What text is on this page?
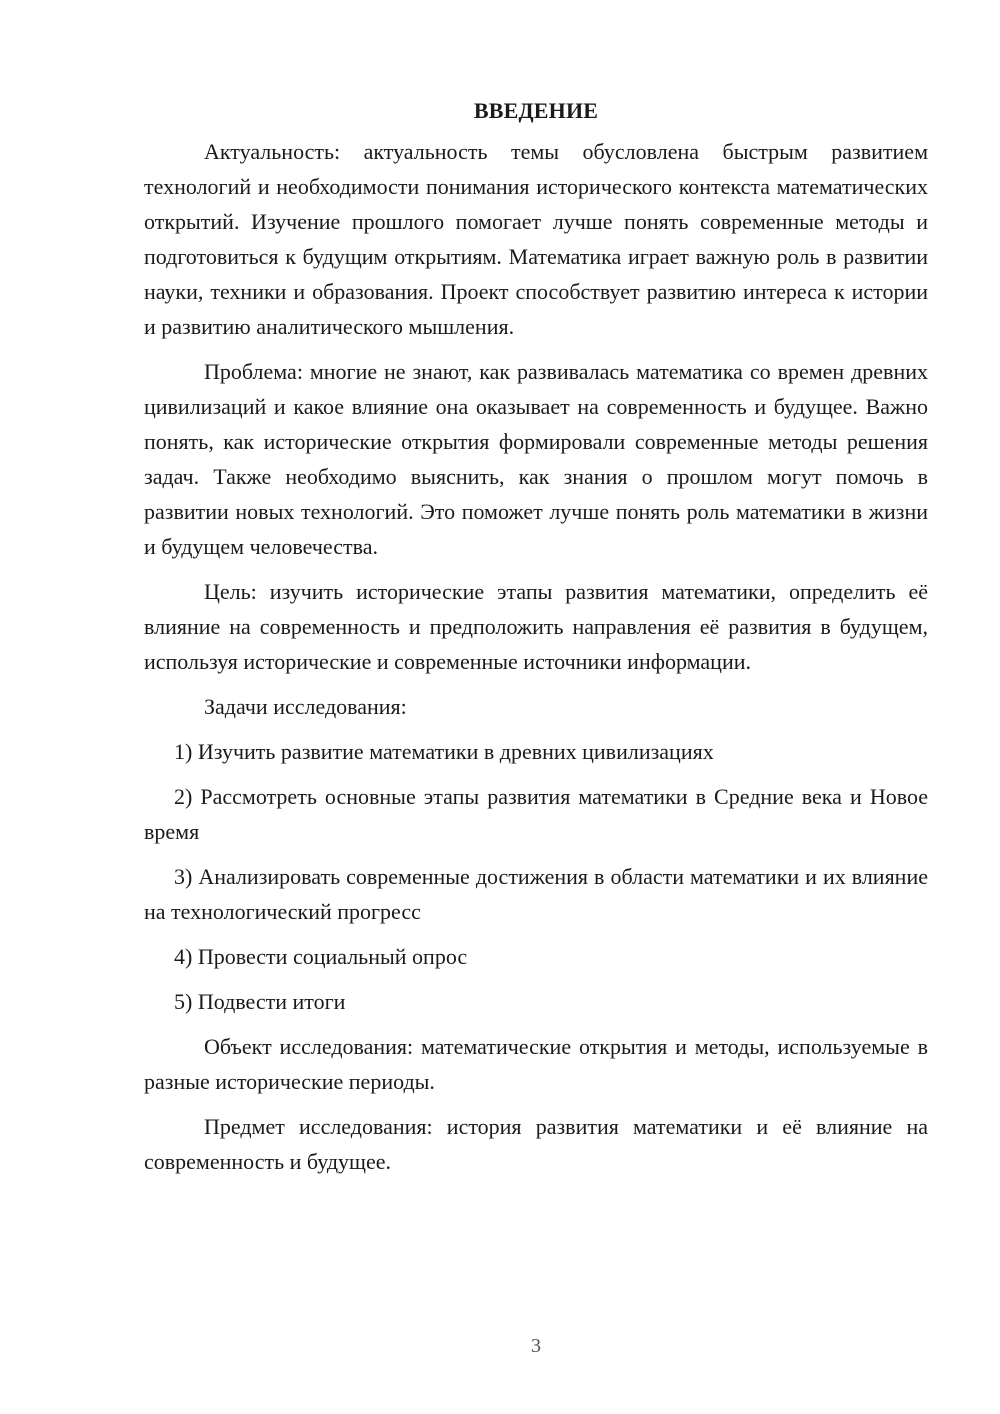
ВВЕДЕНИЕ

Актуальность: актуальность темы обусловлена быстрым развитием технологий и необходимости понимания исторического контекста математических открытий. Изучение прошлого помогает лучше понять современные методы и подготовиться к будущим открытиям. Математика играет важную роль в развитии науки, техники и образования. Проект способствует развитию интереса к истории и развитию аналитического мышления.

Проблема: многие не знают, как развивалась математика со времен древних цивилизаций и какое влияние она оказывает на современность и будущее. Важно понять, как исторические открытия формировали современные методы решения задач. Также необходимо выяснить, как знания о прошлом могут помочь в развитии новых технологий. Это поможет лучше понять роль математики в жизни и будущем человечества.

Цель: изучить исторические этапы развития математики, определить её влияние на современность и предположить направления её развития в будущем, используя исторические и современные источники информации.

Задачи исследования:

1) Изучить развитие математики в древних цивилизациях

2) Рассмотреть основные этапы развития математики в Средние века и Новое время

3) Анализировать современные достижения в области математики и их влияние на технологический прогресс

4) Провести социальный опрос

5) Подвести итоги

Объект исследования: математические открытия и методы, используемые в разные исторические периоды.

Предмет исследования: история развития математики и её влияние на современность и будущее.

3
